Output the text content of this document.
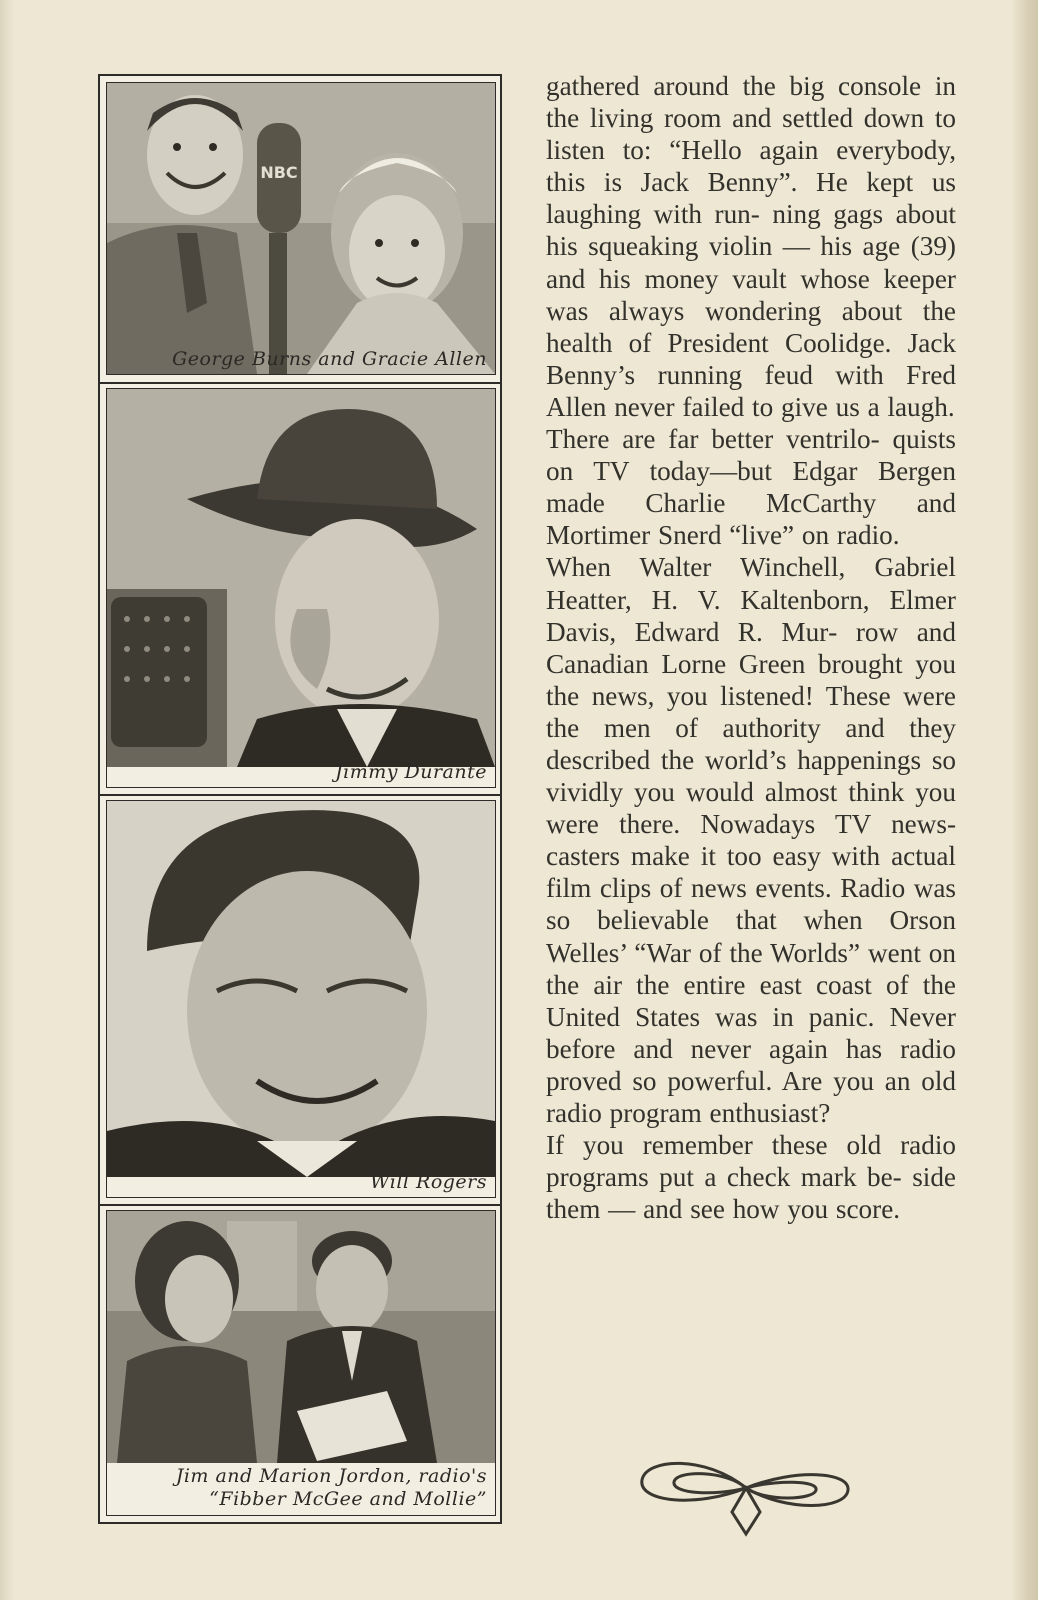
NBC
George Burns and Gracie Allen
Jimmy Durante
Will Rogers
Jim and Marion Jordon, radio's
“Fibber McGee and Mollie”

gathered around the big console in the living room and settled down to listen to: “Hello again everybody, this is Jack Benny”. He kept us laughing with run‑ ning gags about his squeaking violin — his age (39) and his money vault whose keeper was always wondering about the health of President Coolidge. Jack Benny’s running feud with Fred Allen never failed to give us a laugh.

There are far better ventrilo‑ quists on TV today—but Edgar Bergen made Charlie McCarthy and Mortimer Snerd “live” on radio.

When Walter Winchell, Gabriel Heatter, H. V. Kaltenborn, Elmer Davis, Edward R. Mur‑ row and Canadian Lorne Green brought you the news, you listened! These were the men of authority and they described the world’s happenings so vividly you would almost think you were there. Nowadays TV news‑ casters make it too easy with actual film clips of news events. Radio was so believable that when Orson Welles’ “War of the Worlds” went on the air the entire east coast of the United States was in panic. Never before and never again has radio proved so powerful. Are you an old radio program enthusiast?

If you remember these old radio programs put a check mark be‑ side them — and see how you score.
